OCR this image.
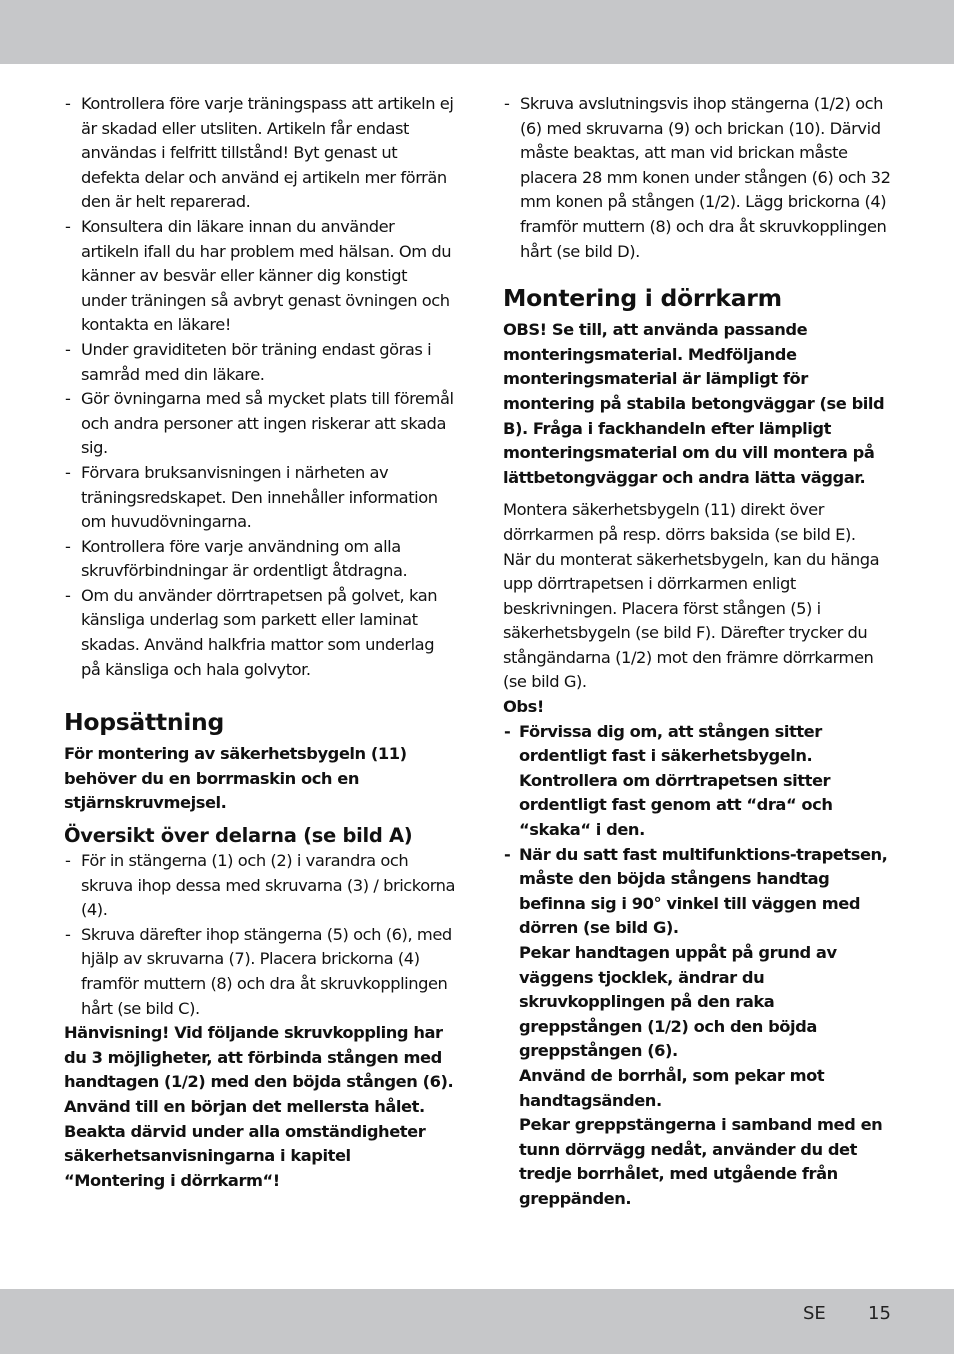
- Kontrollera före varje träningspass att artikeln ej är skadad eller utsliten. Artikeln får endast användas i felfritt tillstånd! Byt genast ut defekta delar och använd ej artikeln mer förrän den är helt reparerad.
- Konsultera din läkare innan du använder artikeln ifall du har problem med hälsan. Om du känner av besvär eller känner dig konstigt under träningen så avbryt genast övningen och kontakta en läkare!
- Under graviditeten bör träning endast göras i samråd med din läkare.
- Gör övningarna med så mycket plats till föremål och andra personer att ingen riskerar att skada sig.
- Förvara bruksanvisningen i närheten av träningsredskapet. Den innehåller information om huvudövningarna.
- Kontrollera före varje användning om alla skruvförbindningar är ordentligt åtdragna.
- Om du använder dörrtrapetsen på golvet, kan känsliga underlag som parkett eller laminat skadas. Använd halkfria mattor som underlag på känsliga och hala golvytor.
Hopsättning

För montering av säkerhetsbygeln (11) behöver du en borrmaskin och en stjärnskruvmejsel.

Översikt över delarna (se bild A)
- För in stängerna (1) och (2) i varandra och skruva ihop dessa med skruvarna (3) / brickorna (4).
- Skruva därefter ihop stängerna (5) och (6), med hjälp av skruvarna (7). Placera brickorna (4) framför muttern (8) och dra åt skruvkopplingen hårt (se bild C).

Hänvisning! Vid följande skruvkoppling har du 3 möjligheter, att förbinda stången med handtagen (1/2) med den böjda stången (6). Använd till en början det mellersta hålet. Beakta därvid under alla omständigheter säkerhetsanvisningarna i kapitel “Montering i dörrkarm“!

- Skruva avslutningsvis ihop stängerna (1/2) och (6) med skruvarna (9) och brickan (10). Därvid måste beaktas, att man vid brickan måste placera 28 mm konen under stången (6) och 32 mm konen på stången (1/2). Lägg brickorna (4) framför muttern (8) och dra åt skruvkopplingen hårt (se bild D).
Montering i dörrkarm

OBS! Se till, att använda passande monteringsmaterial. Medföljande monteringsmaterial är lämpligt för montering på stabila betongväggar (se bild B). Fråga i fackhandeln efter lämpligt monteringsmaterial om du vill montera på lättbetongväggar och andra lätta väggar.

Montera säkerhetsbygeln (11) direkt över dörrkarmen på resp. dörrs baksida (se bild E).

När du monterat säkerhetsbygeln, kan du hänga upp dörrtrapetsen i dörrkarmen enligt beskrivningen. Placera först stången (5) i säkerhetsbygeln (se bild F). Därefter trycker du stångändarna (1/2) mot den främre dörrkarmen (se bild G).

Obs!

- Förvissa dig om, att stången sitter ordentligt fast i säkerhetsbygeln. Kontrollera om dörrtrapetsen sitter ordentligt fast genom att “dra“ och “skaka“ i den.
- När du satt fast multifunktions-trapetsen, måste den böjda stångens handtag befinna sig i 90° vinkel till väggen med dörren (se bild G).
Pekar handtagen uppåt på grund av väggens tjocklek, ändrar du skruvkopplingen på den raka greppstången (1/2) och den böjda greppstången (6).
Använd de borrhål, som pekar mot handtagsänden.
Pekar greppstängerna i samband med en tunn dörrvägg nedåt, använder du det tredje borrhålet, med utgående från greppänden.
SE 15
